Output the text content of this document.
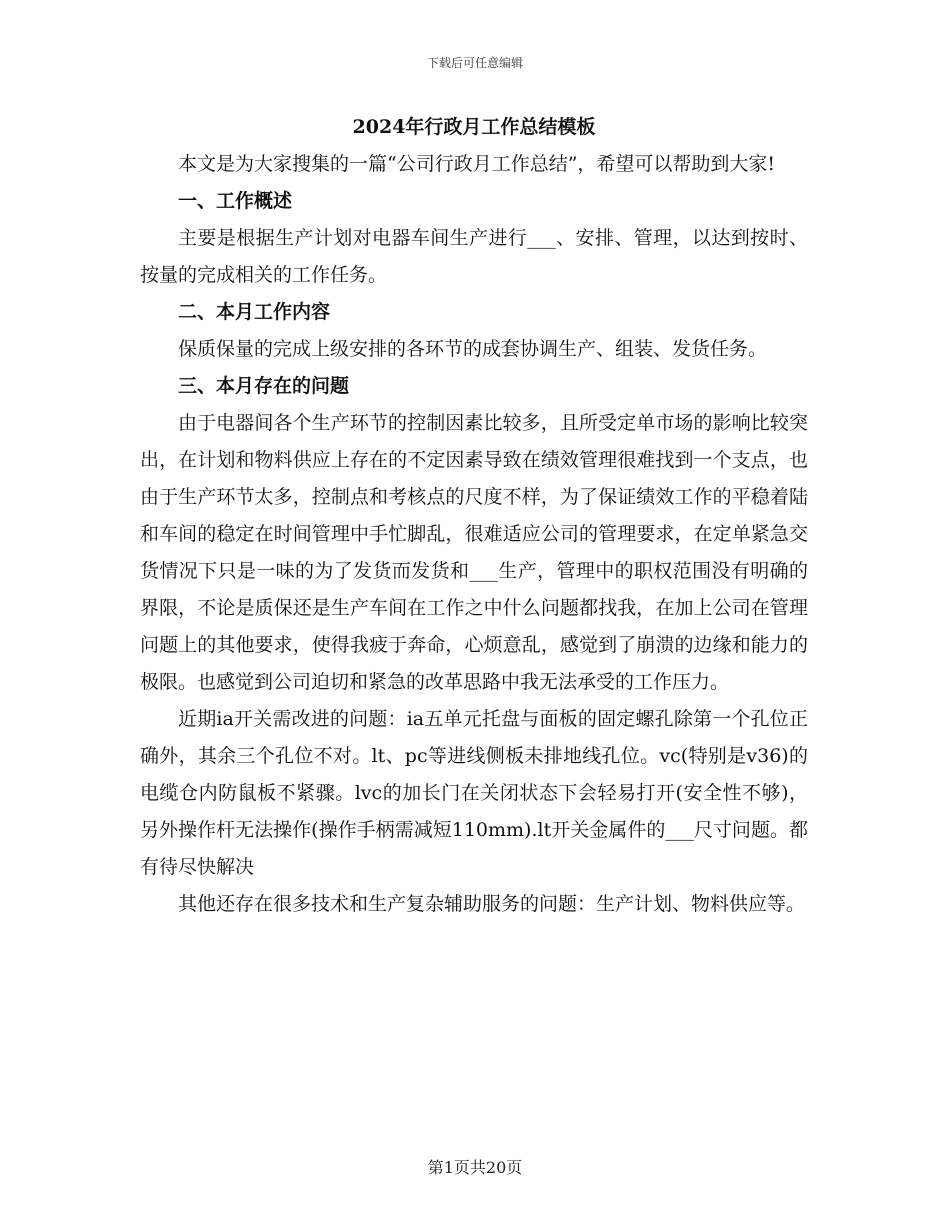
下载后可任意编辑

2024年行政月工作总结模板

本文是为大家搜集的一篇“公司行政月工作总结”，希望可以帮助到大家!

一、工作概述

主要是根据生产计划对电器车间生产进行___、安排、管理，以达到按时、按量的完成相关的工作任务。

二、本月工作内容

保质保量的完成上级安排的各环节的成套协调生产、组装、发货任务。

三、本月存在的问题

由于电器间各个生产环节的控制因素比较多，且所受定单市场的影响比较突出，在计划和物料供应上存在的不定因素导致在绩效管理很难找到一个支点，也由于生产环节太多，控制点和考核点的尺度不样，为了保证绩效工作的平稳着陆和车间的稳定在时间管理中手忙脚乱，很难适应公司的管理要求，在定单紧急交货情况下只是一味的为了发货而发货和___生产，管理中的职权范围没有明确的界限，不论是质保还是生产车间在工作之中什么问题都找我，在加上公司在管理问题上的其他要求，使得我疲于奔命，心烦意乱，感觉到了崩溃的边缘和能力的极限。也感觉到公司迫切和紧急的改革思路中我无法承受的工作压力。

近期ia开关需改进的问题：ia五单元托盘与面板的固定螺孔除第一个孔位正确外，其余三个孔位不对。lt、pc等进线侧板未排地线孔位。vc(特别是v36)的电缆仓内防鼠板不紧骤。lvc的加长门在关闭状态下会轻易打开(安全性不够)，另外操作杆无法操作(操作手柄需减短110mm).lt开关金属件的___尺寸问题。都有待尽快解决

其他还存在很多技术和生产复杂辅助服务的问题：生产计划、物料供应等。

第1页共20页
